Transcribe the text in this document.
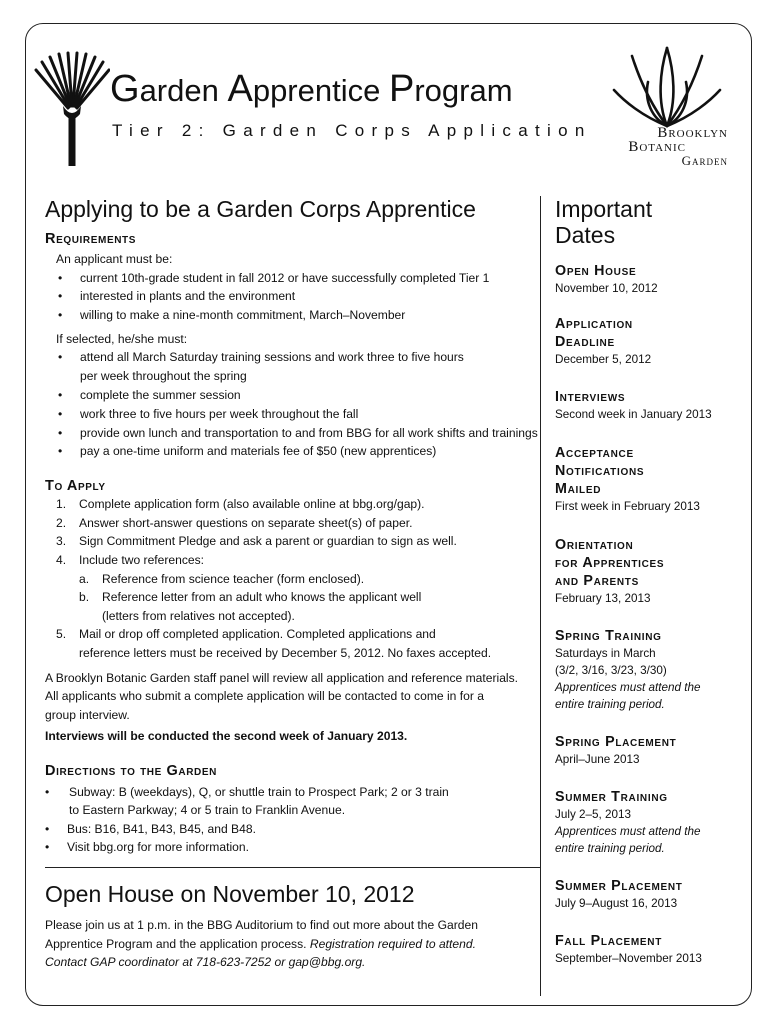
Garden Apprentice Program
Tier 2: Garden Corps Application	Brooklyn
Botanic
Garden
Applying to be a Garden Corps Apprentice
Requirements
An applicant must be:
• current 10th-grade student in fall 2012 or have successfully completed Tier 1
• interested in plants and the environment
• willing to make a nine-month commitment, March–November
If selected, he/she must:
• attend all March Saturday training sessions and work three to five hours
per week throughout the spring
• complete the summer session
• work three to five hours per week throughout the fall
• provide own lunch and transportation to and from BBG for all work shifts and trainings
• pay a one-time uniform and materials fee of $50 (new apprentices)
To Apply
1. Complete application form (also available online at bbg.org/gap).
2. Answer short-answer questions on separate sheet(s) of paper.
3. Sign Commitment Pledge and ask a parent or guardian to sign as well.
4. Include two references:
a. Reference from science teacher (form enclosed).
b. Reference letter from an adult who knows the applicant well
(letters from relatives not accepted).
5. Mail or drop off completed application. Completed applications and
reference letters must be received by December 5, 2012. No faxes accepted.
A Brooklyn Botanic Garden staff panel will review all application and reference materials.
All applicants who submit a complete application will be contacted to come in for a
group interview.
Interviews will be conducted the second week of January 2013.
Directions to the Garden
• Subway: B (weekdays), Q, or shuttle train to Prospect Park; 2 or 3 train
to Eastern Parkway; 4 or 5 train to Franklin Avenue.
• Bus: B16, B41, B43, B45, and B48.
• Visit bbg.org for more information.
Open House on November 10, 2012
Please join us at 1 p.m. in the BBG Auditorium to find out more about the Garden
Apprentice Program and the application process. Registration required to attend.
Contact GAP coordinator at 718-623-7252 or gap@bbg.org.
Important
Dates
Open House
November 10, 2012
Application
Deadline
December 5, 2012
Interviews
Second week in January 2013
Acceptance
Notifications
Mailed
First week in February 2013
Orientation
for Apprentices
and Parents
February 13, 2013
Spring Training
Saturdays in March
(3/2, 3/16, 3/23, 3/30)
Apprentices must attend the
entire training period.
Spring Placement
April–June 2013
Summer Training
July 2–5, 2013
Apprentices must attend the
entire training period.
Summer Placement
July 9–August 16, 2013
Fall Placement
September–November 2013
